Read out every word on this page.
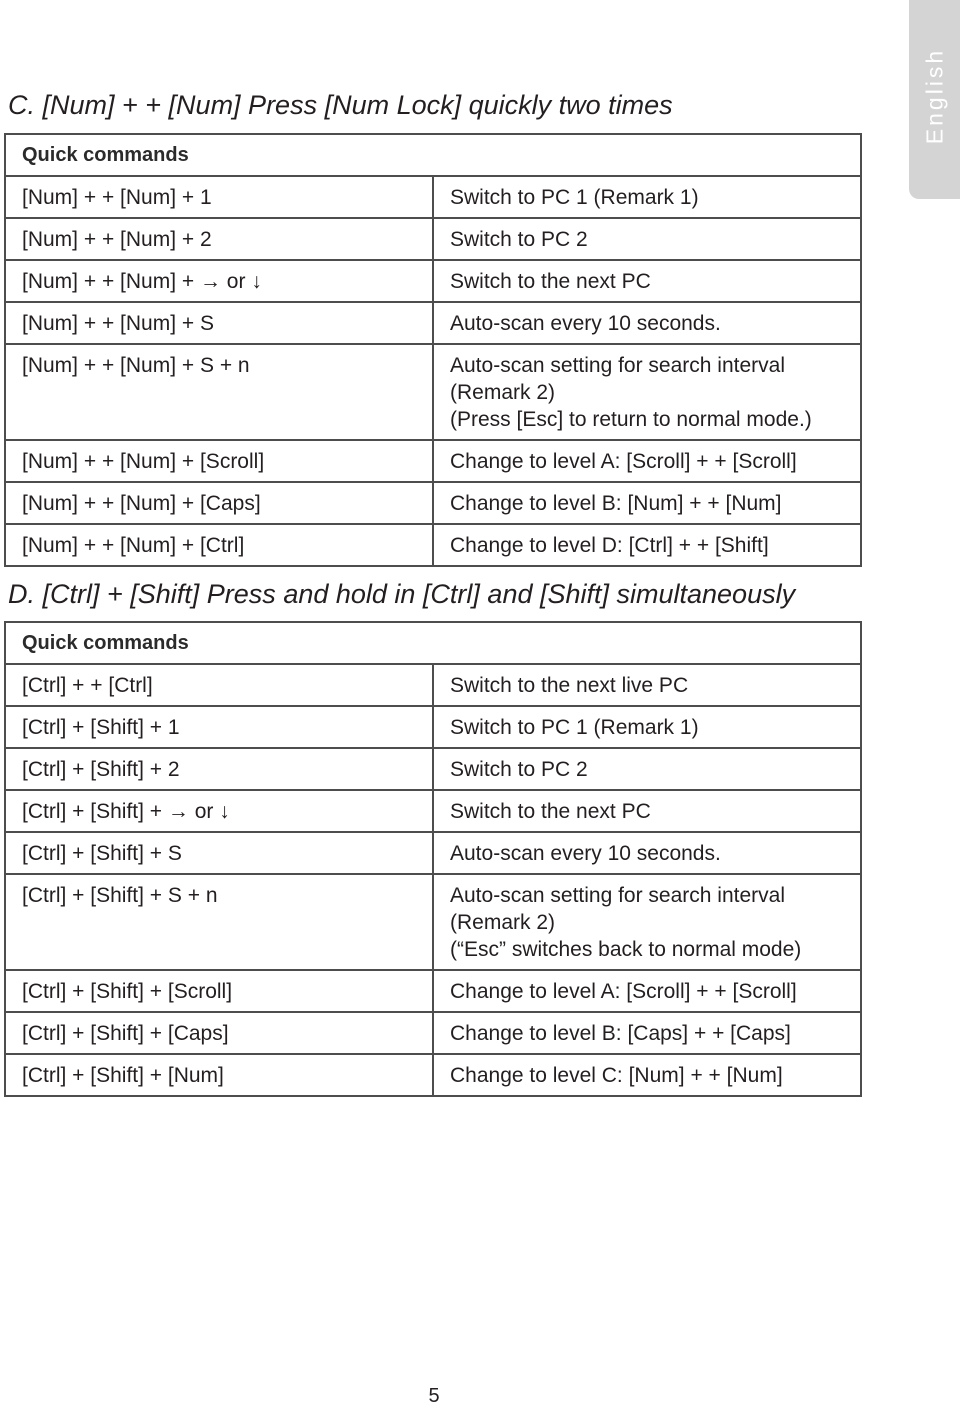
English
C. [Num] + + [Num] Press [Num Lock] quickly two times
Quick commands	
[Num] + + [Num] + 1	Switch to PC 1 (Remark 1)
[Num] + + [Num] + 2	Switch to PC 2
[Num] + + [Num] + → or ↓	Switch to the next PC
[Num] + + [Num] + S	Auto-scan every 10 seconds.
[Num] + + [Num] + S + n	Auto-scan setting for search interval (Remark 2)
(Press [Esc] to return to normal mode.)
[Num] + + [Num] + [Scroll]	Change to level A: [Scroll] + + [Scroll]
[Num] + + [Num] + [Caps]	Change to level B: [Num] + + [Num]
[Num] + + [Num] + [Ctrl]	Change to level D: [Ctrl] + + [Shift]
D. [Ctrl] + [Shift] Press and hold in [Ctrl] and [Shift] simultaneously
Quick commands	
[Ctrl] + + [Ctrl]	Switch to the next live PC
[Ctrl] + [Shift] + 1	Switch to PC 1 (Remark 1)
[Ctrl] + [Shift] + 2	Switch to PC 2
[Ctrl] + [Shift] + → or ↓	Switch to the next PC
[Ctrl] + [Shift] + S	Auto-scan every 10 seconds.
[Ctrl] + [Shift] + S + n	Auto-scan setting for search interval (Remark 2)
(“Esc” switches back to normal mode)
[Ctrl] + [Shift] + [Scroll]	Change to level A: [Scroll] + + [Scroll]
[Ctrl] + [Shift] + [Caps]	Change to level B: [Caps] + + [Caps]
[Ctrl] + [Shift] + [Num]	Change to level C: [Num] + + [Num]
5
